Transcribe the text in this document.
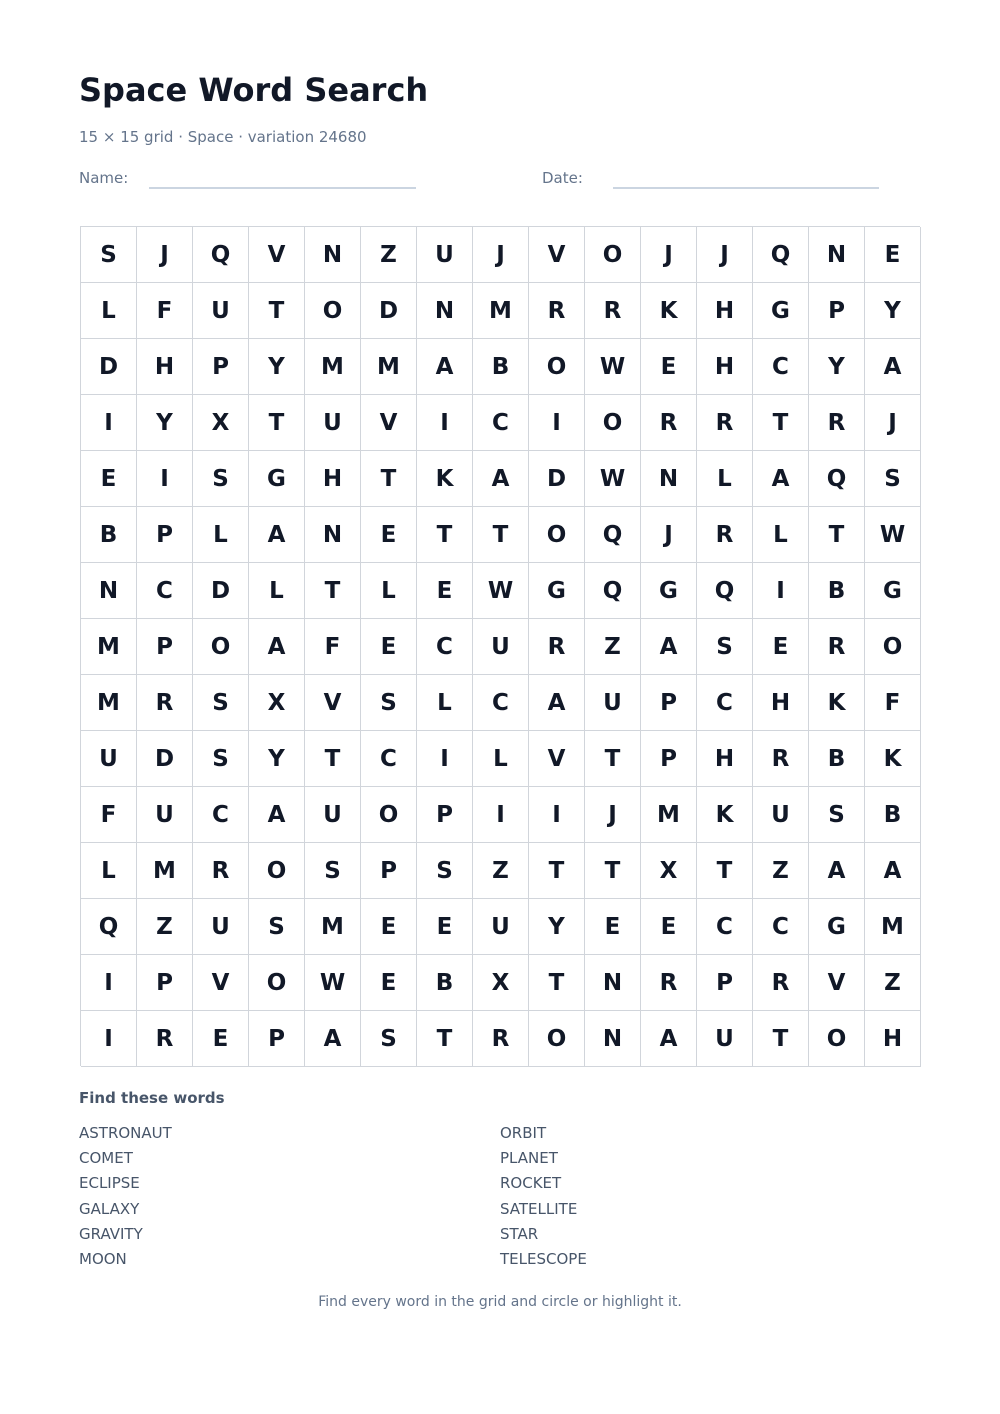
Space Word Search
15 × 15 grid · Space · variation 24680
Name:	Date:
S	J	Q	V	N	Z	U	J	V	O	J	J	Q	N	E
L	F	U	T	O	D	N	M	R	R	K	H	G	P	Y
D	H	P	Y	M	M	A	B	O	W	E	H	C	Y	A
I	Y	X	T	U	V	I	C	I	O	R	R	T	R	J
E	I	S	G	H	T	K	A	D	W	N	L	A	Q	S
B	P	L	A	N	E	T	T	O	Q	J	R	L	T	W
N	C	D	L	T	L	E	W	G	Q	G	Q	I	B	G
M	P	O	A	F	E	C	U	R	Z	A	S	E	R	O
M	R	S	X	V	S	L	C	A	U	P	C	H	K	F
U	D	S	Y	T	C	I	L	V	T	P	H	R	B	K
F	U	C	A	U	O	P	I	I	J	M	K	U	S	B
L	M	R	O	S	P	S	Z	T	T	X	T	Z	A	A
Q	Z	U	S	M	E	E	U	Y	E	E	C	C	G	M
I	P	V	O	W	E	B	X	T	N	R	P	R	V	Z
I	R	E	P	A	S	T	R	O	N	A	U	T	O	H
Find these words
ASTRONAUT
COMET
ECLIPSE
GALAXY
GRAVITY
MOON
ORBIT
PLANET
ROCKET
SATELLITE
STAR
TELESCOPE
Find every word in the grid and circle or highlight it.
